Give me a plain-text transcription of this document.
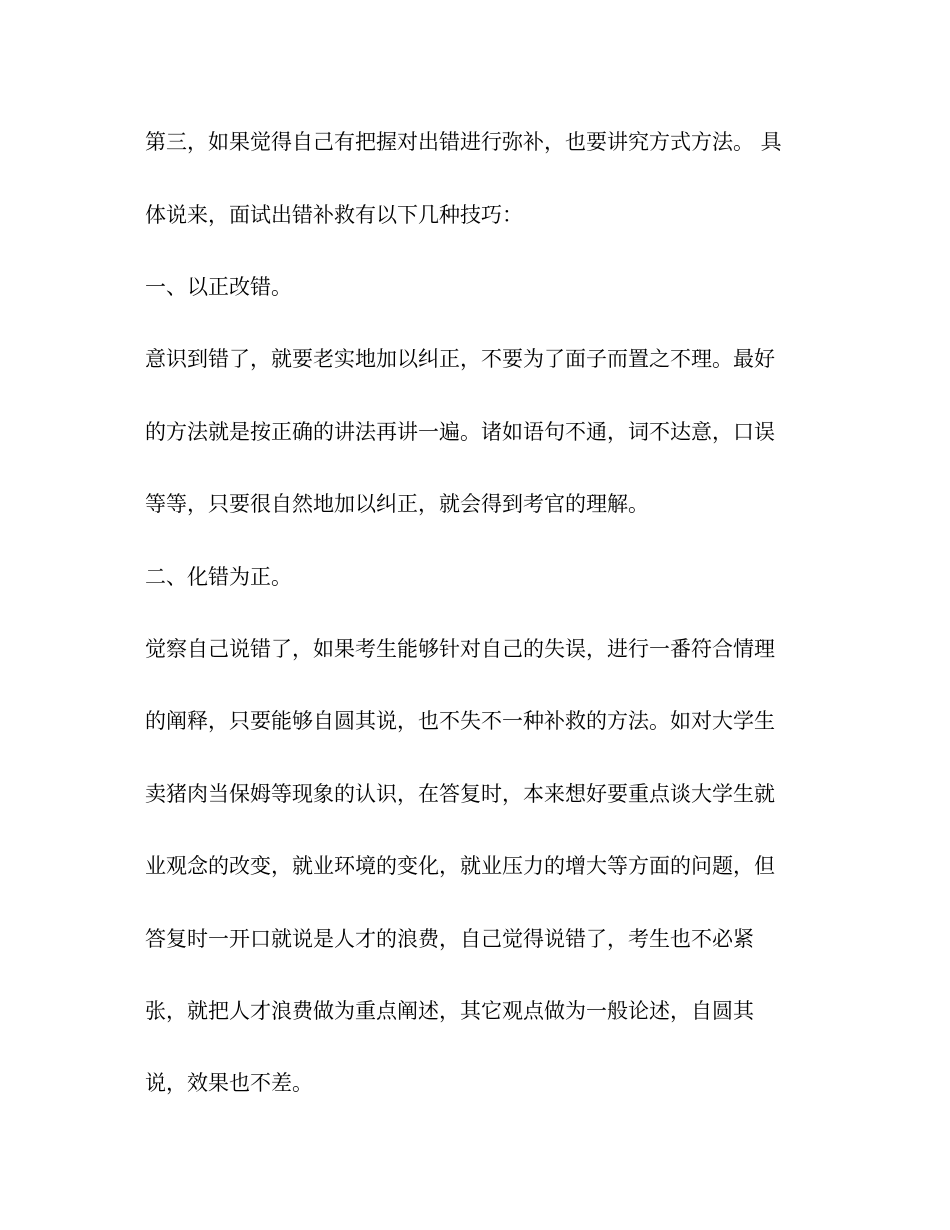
第三，如果觉得自己有把握对出错进行弥补，也要讲究方式方法。 具

体说来，面试出错补救有以下几种技巧：

一、以正改错。

意识到错了，就要老实地加以纠正，不要为了面子而置之不理。最好

的方法就是按正确的讲法再讲一遍。诸如语句不通，词不达意，口误

等等，只要很自然地加以纠正，就会得到考官的理解。

二、化错为正。

觉察自己说错了，如果考生能够针对自己的失误，进行一番符合情理

的阐释，只要能够自圆其说，也不失不一种补救的方法。如对大学生

卖猪肉当保姆等现象的认识，在答复时，本来想好要重点谈大学生就

业观念的改变，就业环境的变化，就业压力的增大等方面的问题，但

答复时一开口就说是人才的浪费，自己觉得说错了，考生也不必紧

张，就把人才浪费做为重点阐述，其它观点做为一般论述，自圆其

说，效果也不差。
